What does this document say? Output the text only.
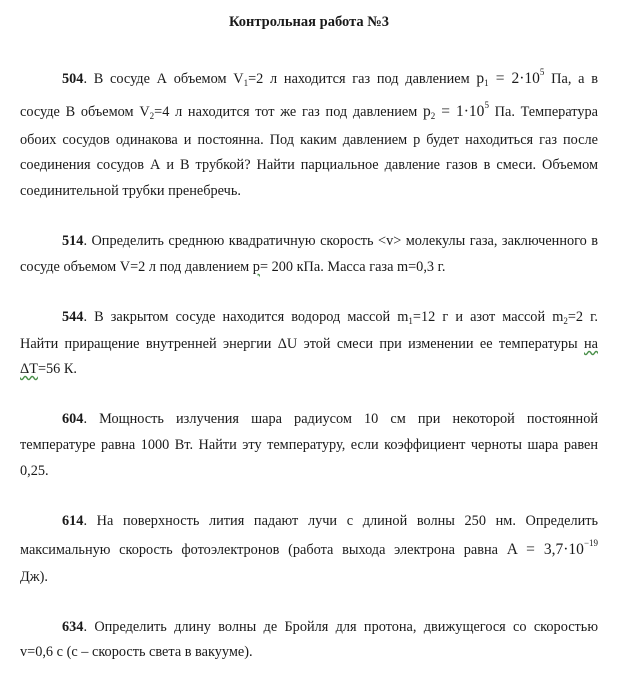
Контрольная работа №3
504. В сосуде А объемом $V_1=2$ л находится газ под давлением $p_1 = 2\cdot 10^5$ Па, а в
сосуде В объемом $V_2=4$ л находится тот же газ под давлением $p_2 = 1\cdot 10^5$ Па. Температура
обоих сосудов одинакова и постоянна. Под каким давлением р будет находиться газ после
соединения сосудов А и В трубкой? Найти парциальное давление газов в смеси. Объемом
соединительной трубки пренебречь.
514. Определить среднюю квадратичную скорость <v> молекулы газа, заключенного в
сосуде объемом V=2 л под давлением р= 200 кПа. Масса газа m=0,3 г.
544. В закрытом сосуде находится водород массой $m_1=12$ г и азот массой $m_2=2$ г.
Найти приращение внутренней энергии ΔU этой смеси при изменении ее температуры на
ΔТ=56 К.
604. Мощность излучения шара радиусом 10 см при некоторой постоянной
температуре равна 1000 Вт. Найти эту температуру, если коэффициент черноты шара равен
0,25.
614. На поверхность лития падают лучи с длиной волны 250 нм. Определить
максимальную скорость фотоэлектронов (работа выхода электрона равна $A = 3,7\cdot 10^{-19}$
Дж).
634. Определить длину волны де Бройля для протона, движущегося со скоростью
v=0,6 с (с – скорость света в вакууме).
